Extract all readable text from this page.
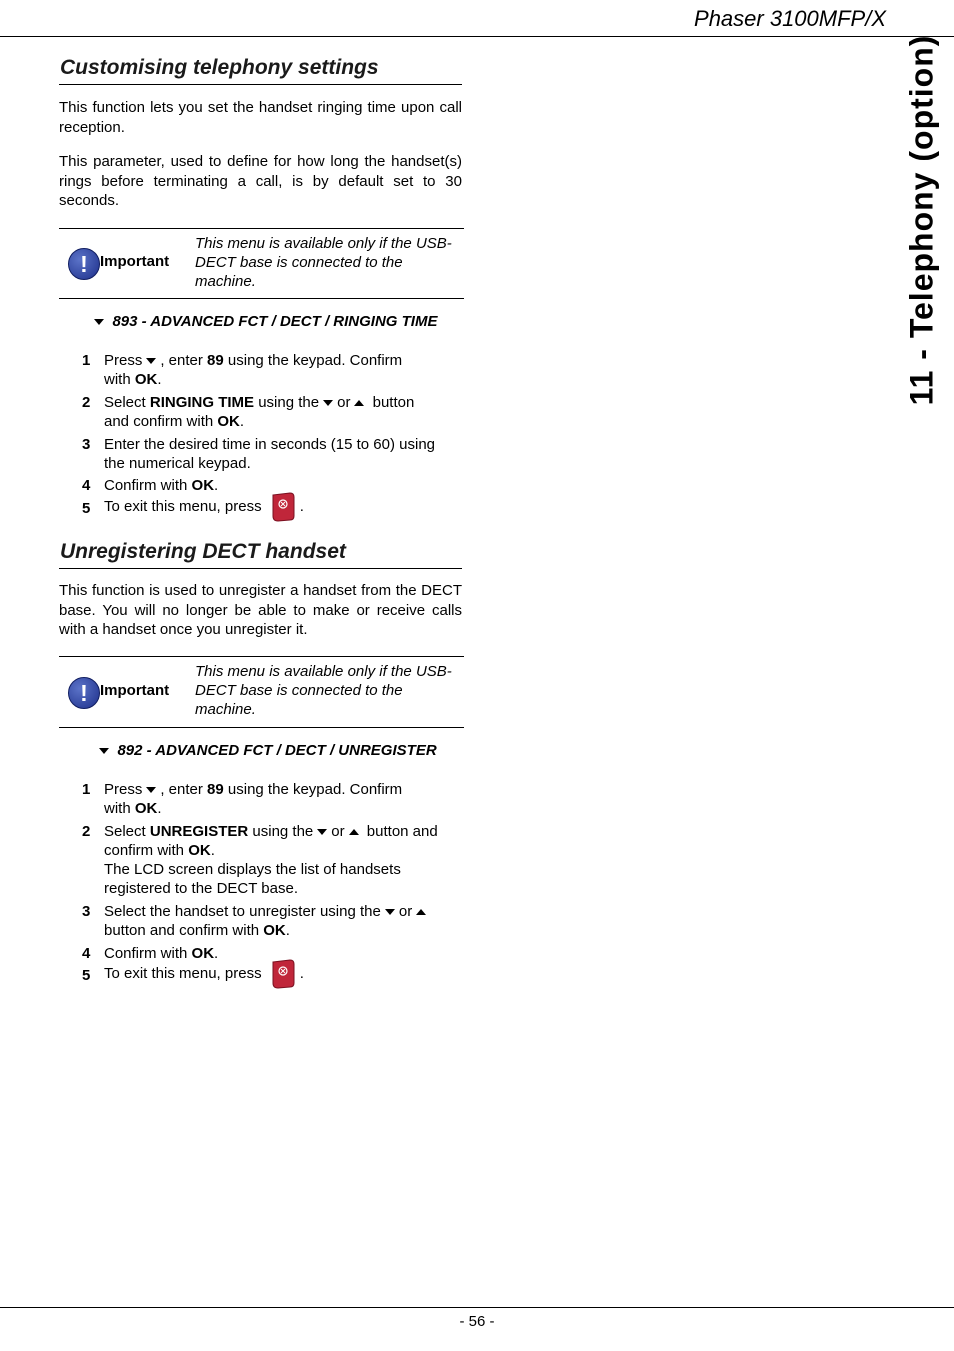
Phaser 3100MFP/X
11 - Telephony (option)
Customising telephony settings
This function lets you set the handset ringing time upon call reception.
This parameter, used to define for how long the handset(s) rings before terminating a call, is by default set to 30 seconds.
! Important
This menu is available only if the USB-DECT base is connected to the machine.
893 - ADVANCED FCT / DECT / RINGING TIME
1 Press , enter 89 using the keypad. Confirm
with OK.
2 Select RINGING TIME using the or button
and confirm with OK.
3 Enter the desired time in seconds (15 to 60) using the numerical keypad.
4 Confirm with OK.
5 To exit this menu, press	.
Unregistering DECT handset
This function is used to unregister a handset from the DECT base. You will no longer be able to make or receive calls with a handset once you unregister it.
! Important
This menu is available only if the USB-DECT base is connected to the machine.
892 - ADVANCED FCT / DECT / UNREGISTER
1 Press , enter 89 using the keypad. Confirm
with OK.
2 Select UNREGISTER using the or button and
confirm with OK.
The LCD screen displays the list of handsets registered to the DECT base.
3 Select the handset to unregister using the or
button and confirm with OK.
4 Confirm with OK.
5 To exit this menu, press	.
- 56 -
